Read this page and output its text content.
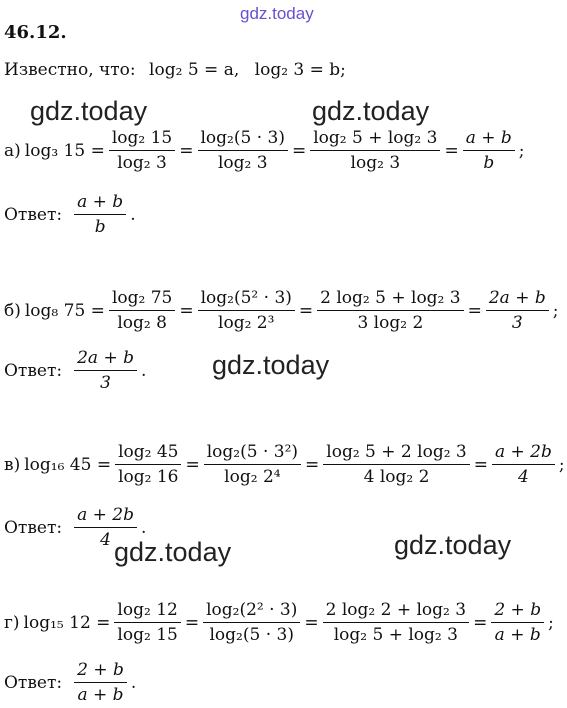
gdz.today
gdz.today	gdz.today
gdz.today
gdz.today	gdz.today
46.12.
Известно, что: log₂ 5 = a, log₂ 3 = b;
а) log₃ $15 = \frac{\text{log₂ 15}}{\text{log₂ 3}} = \frac{\text{log₂(5 · 3)}}{\text{log₂ 3}} = \frac{\text{log₂ 5 + log₂ 3}}{\text{log₂ 3}} = \frac{a + b}{b}$ ;
Ответ: $\frac{a + b}{b}$ .
б) log₈ $75 = \frac{\text{log₂ 75}}{\text{log₂ 8}} = \frac{\text{log₂(5² · 3)}}{\text{log₂ 2³}} = \frac{\text{2 log₂ 5 + log₂ 3}}{\text{3 log₂ 2}} = \frac{2a + b}{3}$ ;
Ответ: $\frac{2a + b}{3}$ .
в) log₁₆ $45 = \frac{\text{log₂ 45}}{\text{log₂ 16}} = \frac{\text{log₂(5 · 3²)}}{\text{log₂ 2⁴}} = \frac{\text{log₂ 5 + 2 log₂ 3}}{\text{4 log₂ 2}} = \frac{a + 2b}{4}$ ;
Ответ: $\frac{a + 2b}{4}$ .
г) log₁₅ $12 = \frac{\text{log₂ 12}}{\text{log₂ 15}} = \frac{\text{log₂(2² · 3)}}{\text{log₂(5 · 3)}} = \frac{\text{2 log₂ 2 + log₂ 3}}{\text{log₂ 5 + log₂ 3}} = \frac{2 + b}{a + b}$ ;
Ответ: $\frac{2 + b}{a + b}$ .
